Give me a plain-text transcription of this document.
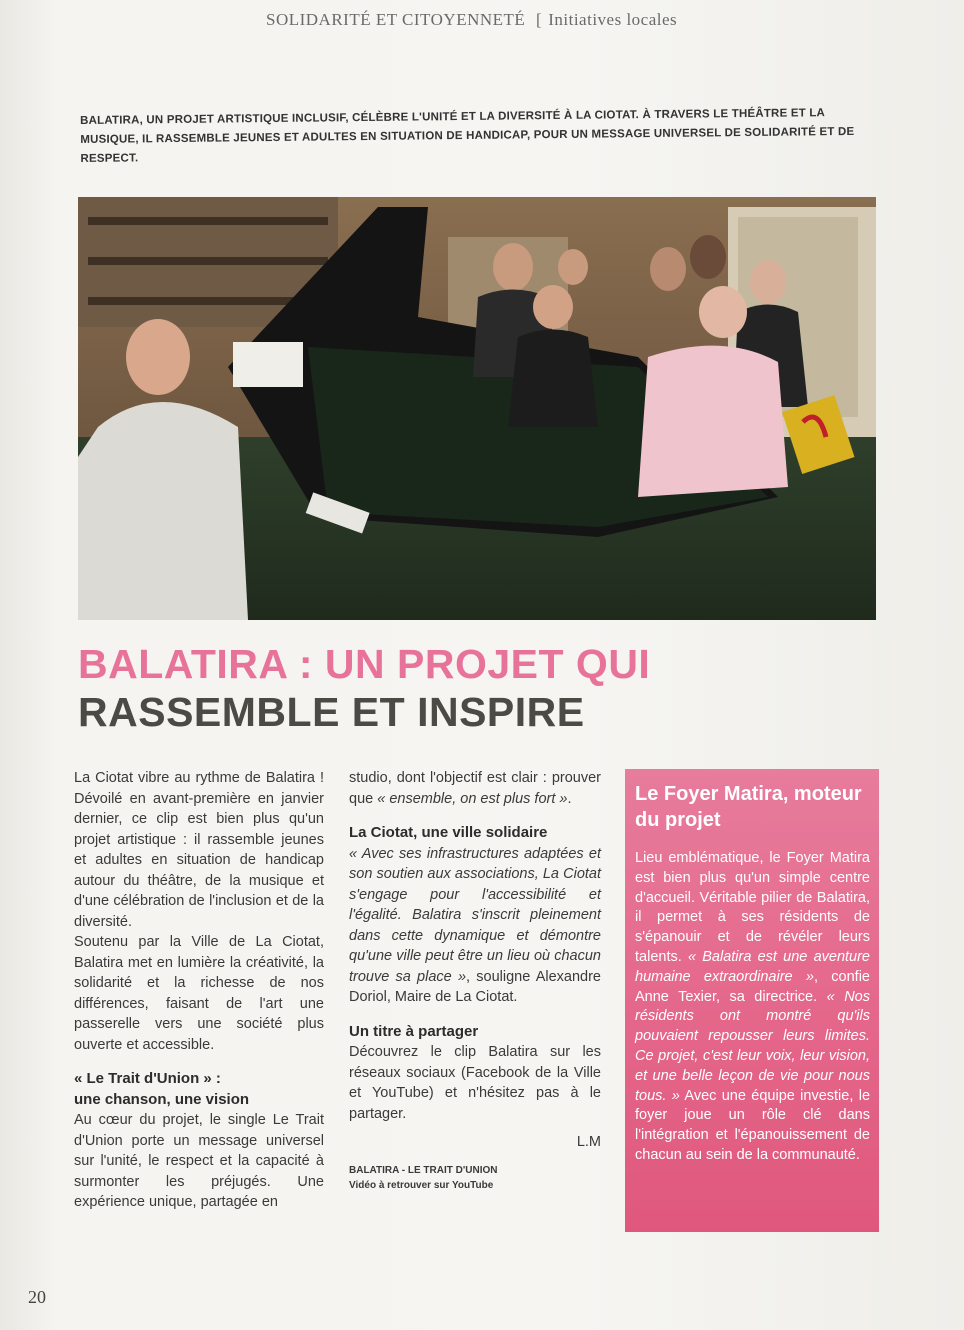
SOLIDARITÉ ET CITOYENNETÉ [ Initiatives locales
BALATIRA, UN PROJET ARTISTIQUE INCLUSIF, CÉLÈBRE L'UNITÉ ET LA DIVERSITÉ À LA CIOTAT. À TRAVERS LE THÉÂTRE ET LA MUSIQUE, IL RASSEMBLE JEUNES ET ADULTES EN SITUATION DE HANDICAP, POUR UN MESSAGE UNIVERSEL DE SOLIDARITÉ ET DE RESPECT.
BALATIRA : UN PROJET QUI
RASSEMBLE ET INSPIRE

La Ciotat vibre au rythme de Balatira ! Dévoilé en avant-première en janvier dernier, ce clip est bien plus qu'un projet artistique : il rassemble jeunes et adultes en situation de handicap autour du théâtre, de la musique et d'une célébration de l'inclusion et de la diversité.

Soutenu par la Ville de La Ciotat, Balatira met en lumière la créativité, la solidarité et la richesse de nos différences, faisant de l'art une passerelle vers une société plus ouverte et accessible.

« Le Trait d'Union » :
une chanson, une vision

Au cœur du projet, le single Le Trait d'Union porte un message universel sur l'unité, le respect et la capacité à surmonter les préjugés. Une expérience unique, partagée en

studio, dont l'objectif est clair : prouver que « ensemble, on est plus fort ».

La Ciotat, une ville solidaire

« Avec ses infrastructures adaptées et son soutien aux associations, La Ciotat s'engage pour l'accessibilité et l'égalité. Balatira s'inscrit pleinement dans cette dynamique et démontre qu'une ville peut être un lieu où chacun trouve sa place », souligne Alexandre Doriol, Maire de La Ciotat.

Un titre à partager

Découvrez le clip Balatira sur les réseaux sociaux (Facebook de la Ville et YouTube) et n'hésitez pas à le partager.

L.M

BALATIRA - LE TRAIT D'UNION
Vidéo à retrouver sur YouTube

Le Foyer Matira, moteur du projet
Lieu emblématique, le Foyer Matira est bien plus qu'un simple centre d'accueil. Véritable pilier de Balatira, il permet à ses résidents de s'épanouir et de révéler leurs talents. « Balatira est une aventure humaine extraordinaire », confie Anne Texier, sa directrice. « Nos résidents ont montré qu'ils pouvaient repousser leurs limites. Ce projet, c'est leur voix, leur vision, et une belle leçon de vie pour nous tous. » Avec une équipe investie, le foyer joue un rôle clé dans l'intégration et l'épanouissement de chacun au sein de la communauté.
20
